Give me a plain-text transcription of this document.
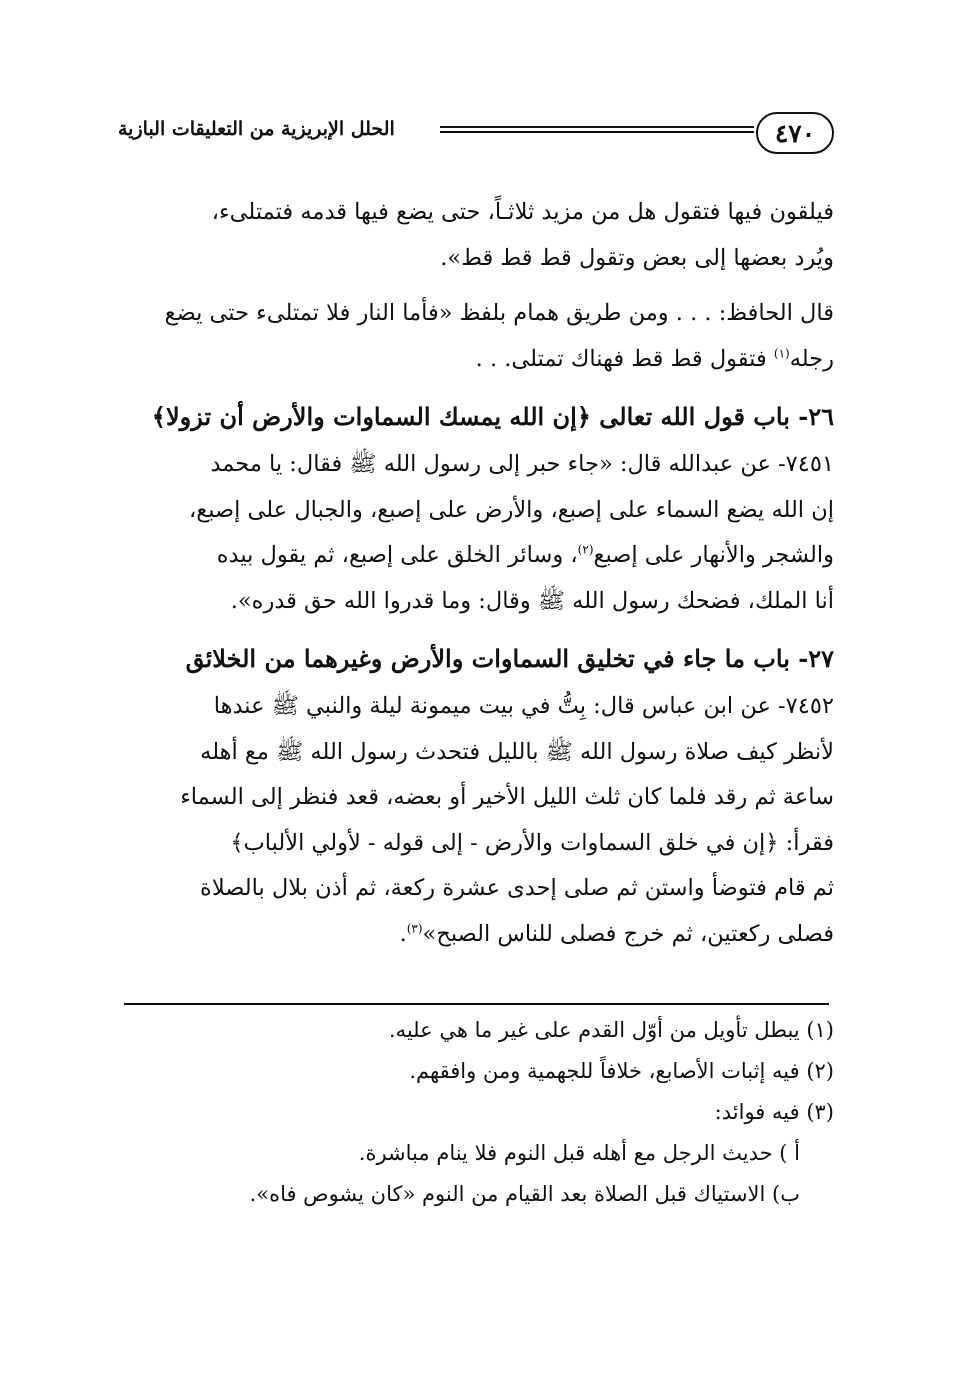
الحلل الإبريزية من التعليقات البازية	٤٧٠
فيلقون فيها فتقول هل من مزيد ثلاثـاً، حتى يضع فيها قدمه فتمتلىء،
ويُرد بعضها إلى بعض وتقول قط قط قط».
قال الحافظ: . . . ومن طريق همام بلفظ «فأما النار فلا تمتلىء حتى يضع
رجله$^{(١)}$ فتقول قط قط فهناك تمتلى. . .
٢٦- باب قول الله تعالى ﴿إن الله يمسك السماوات والأرض أن تزولا﴾
٧٤٥١- عن عبدالله قال: «جاء حبر إلى رسول الله ﷺ فقال: يا محمد
إن الله يضع السماء على إصبع، والأرض على إصبع، والجبال على إصبع،
والشجر والأنهار على إصبع$^{(٢)}$، وسائر الخلق على إصبع، ثم يقول بيده
أنا الملك، فضحك رسول الله ﷺ وقال: وما قدروا الله حق قدره».
٢٧- باب ما جاء في تخليق السماوات والأرض وغيرهما من الخلائق
٧٤٥٢- عن ابن عباس قال: بِتُّ في بيت ميمونة ليلة والنبي ﷺ عندها
لأنظر كيف صلاة رسول الله ﷺ بالليل فتحدث رسول الله ﷺ مع أهله
ساعة ثم رقد فلما كان ثلث الليل الأخير أو بعضه، قعد فنظر إلى السماء
فقرأ: ﴿إن في خلق السماوات والأرض - إلى قوله - لأولي الألباب﴾
ثم قام فتوضأ واستن ثم صلى إحدى عشرة ركعة، ثم أذن بلال بالصلاة
فصلى ركعتين، ثم خرج فصلى للناس الصبح»$^{(٣)}$.
(١) يبطل تأويل من أوّل القدم على غير ما هي عليه.
(٢) فيه إثبات الأصابع، خلافاً للجهمية ومن وافقهم.
(٣) فيه فوائد:
أ ) حديث الرجل مع أهله قبل النوم فلا ينام مباشرة.
ب) الاستياك قبل الصلاة بعد القيام من النوم «كان يشوص فاه».
